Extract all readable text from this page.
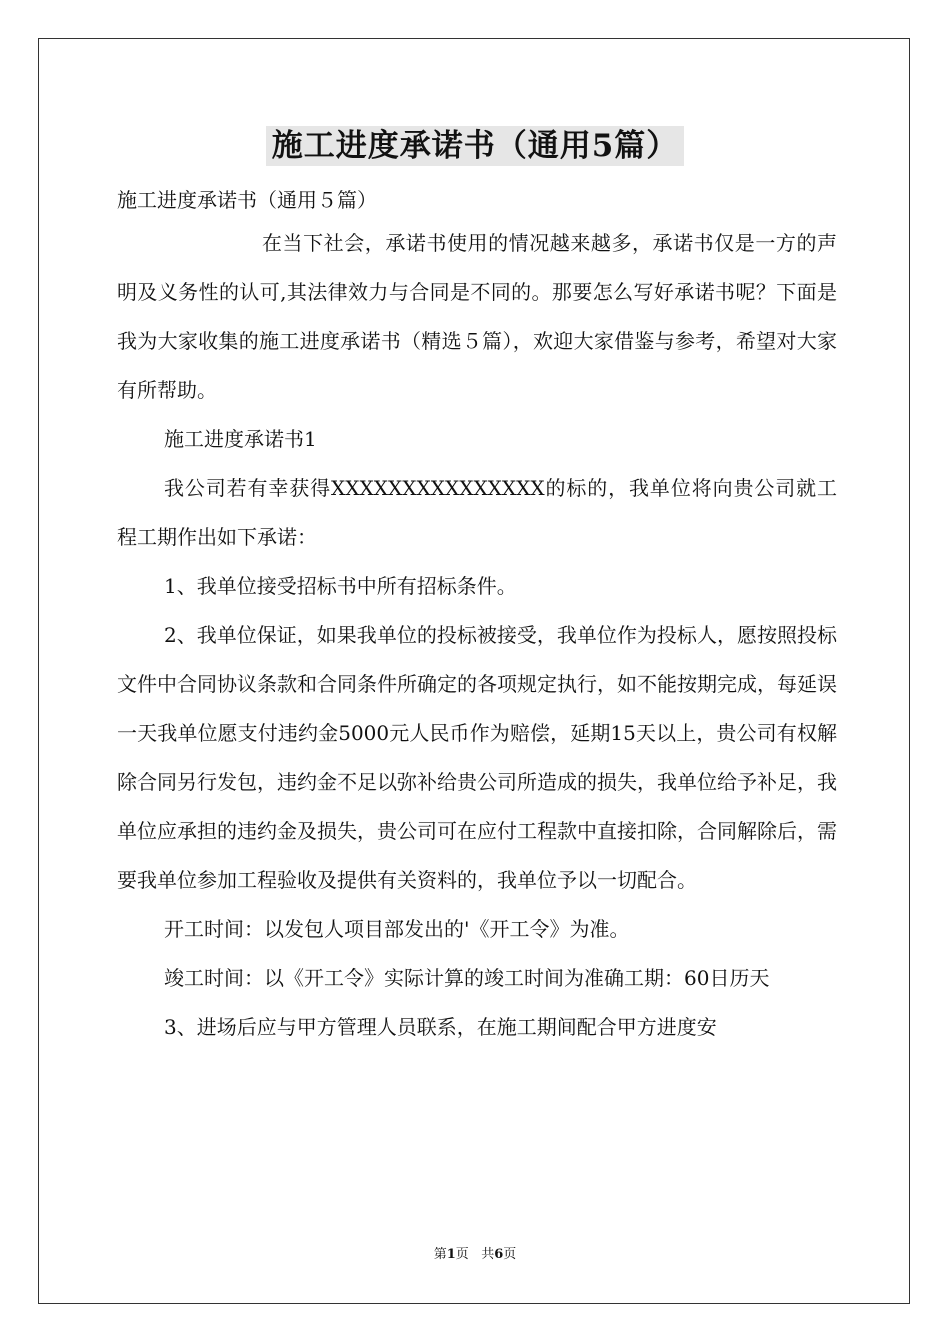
施工进度承诺书（通用5篇）

施工进度承诺书（通用５篇）

在当下社会，承诺书使用的情况越来越多，承诺书仅是一方的声明及义务性的认可,其法律效力与合同是不同的。那要怎么写好承诺书呢？下面是我为大家收集的施工进度承诺书（精选５篇），欢迎大家借鉴与参考，希望对大家有所帮助。

施工进度承诺书1

我公司若有幸获得XXXXXXXXXXXXXXX的标的，我单位将向贵公司就工程工期作出如下承诺：

1、我单位接受招标书中所有招标条件。

2、我单位保证，如果我单位的投标被接受，我单位作为投标人，愿按照投标文件中合同协议条款和合同条件所确定的各项规定执行，如不能按期完成，每延误一天我单位愿支付违约金5000元人民币作为赔偿，延期15天以上，贵公司有权解除合同另行发包，违约金不足以弥补给贵公司所造成的损失，我单位给予补足，我单位应承担的违约金及损失，贵公司可在应付工程款中直接扣除，合同解除后，需要我单位参加工程验收及提供有关资料的，我单位予以一切配合。

开工时间：以发包人项目部发出的'《开工令》为准。

竣工时间：以《开工令》实际计算的竣工时间为准确工期：60日历天

3、进场后应与甲方管理人员联系，在施工期间配合甲方进度安

第1页 共6页
